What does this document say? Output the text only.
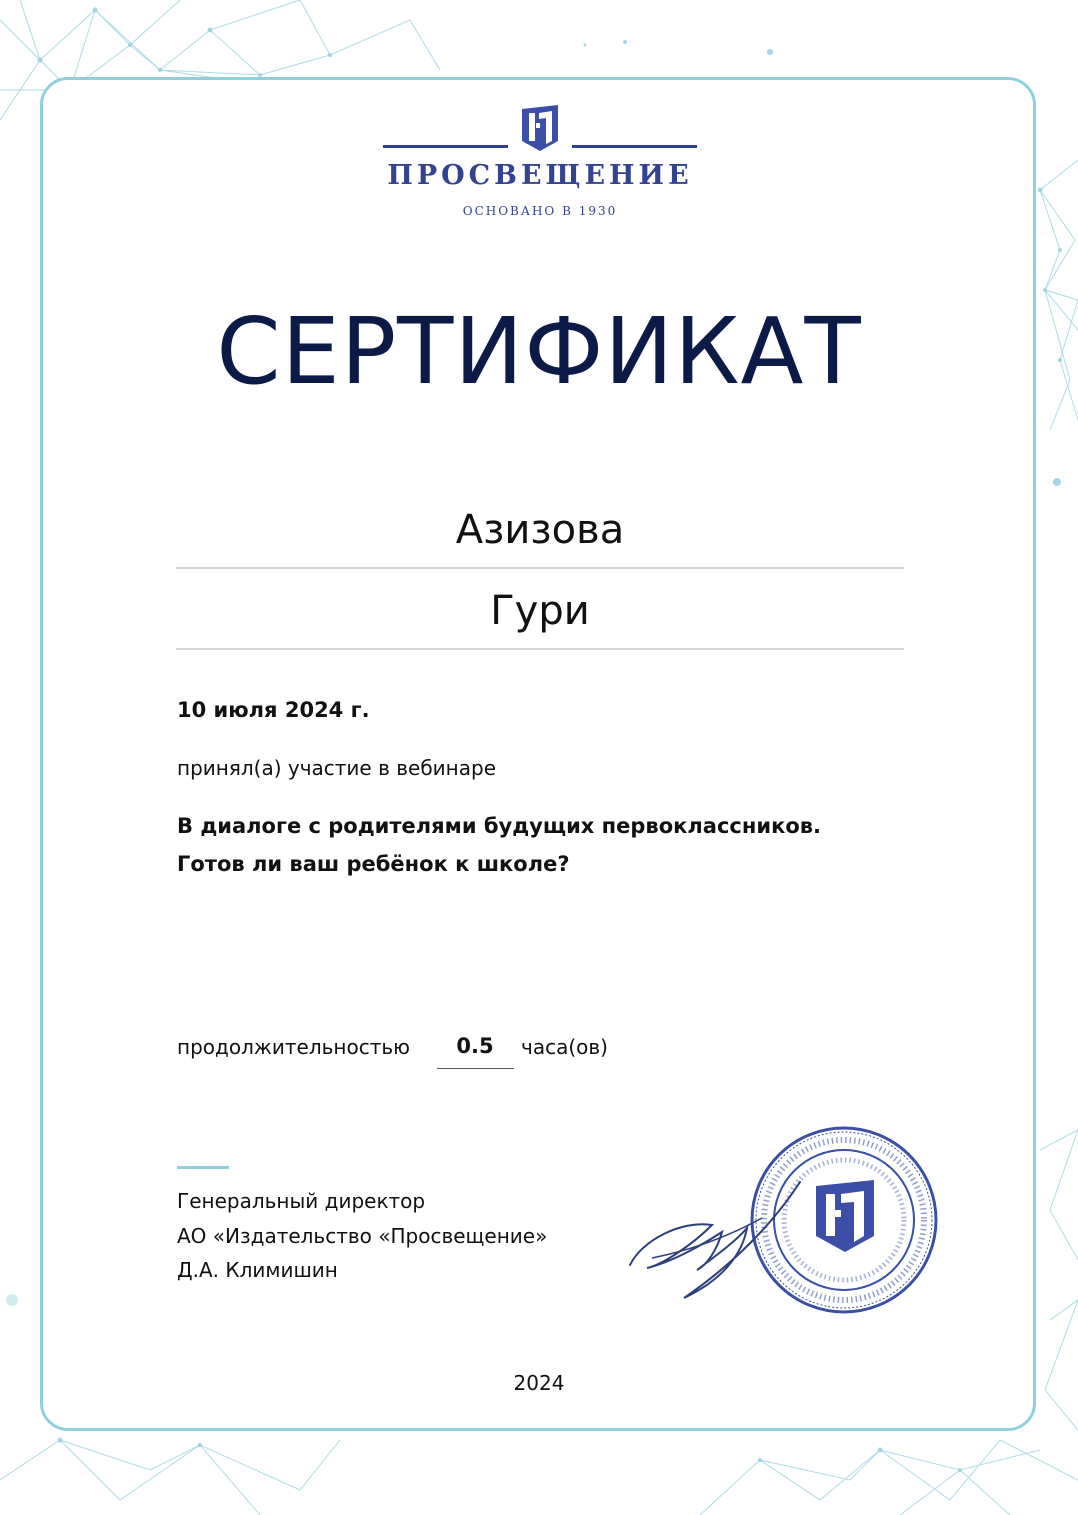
ПРОСВЕЩЕНИЕ
ОСНОВАНО В 1930
СЕРТИФИКАТ
Азизова
Гури
10 июля 2024 г.
принял(а) участие в вебинаре
В диалоге с родителями будущих первоклассников.
Готов ли ваш ребёнок к школе?
продолжительностью	0.5	часа(ов)
Генеральный директор
АО «Издательство «Просвещение»
Д.А. Климишин
2024
